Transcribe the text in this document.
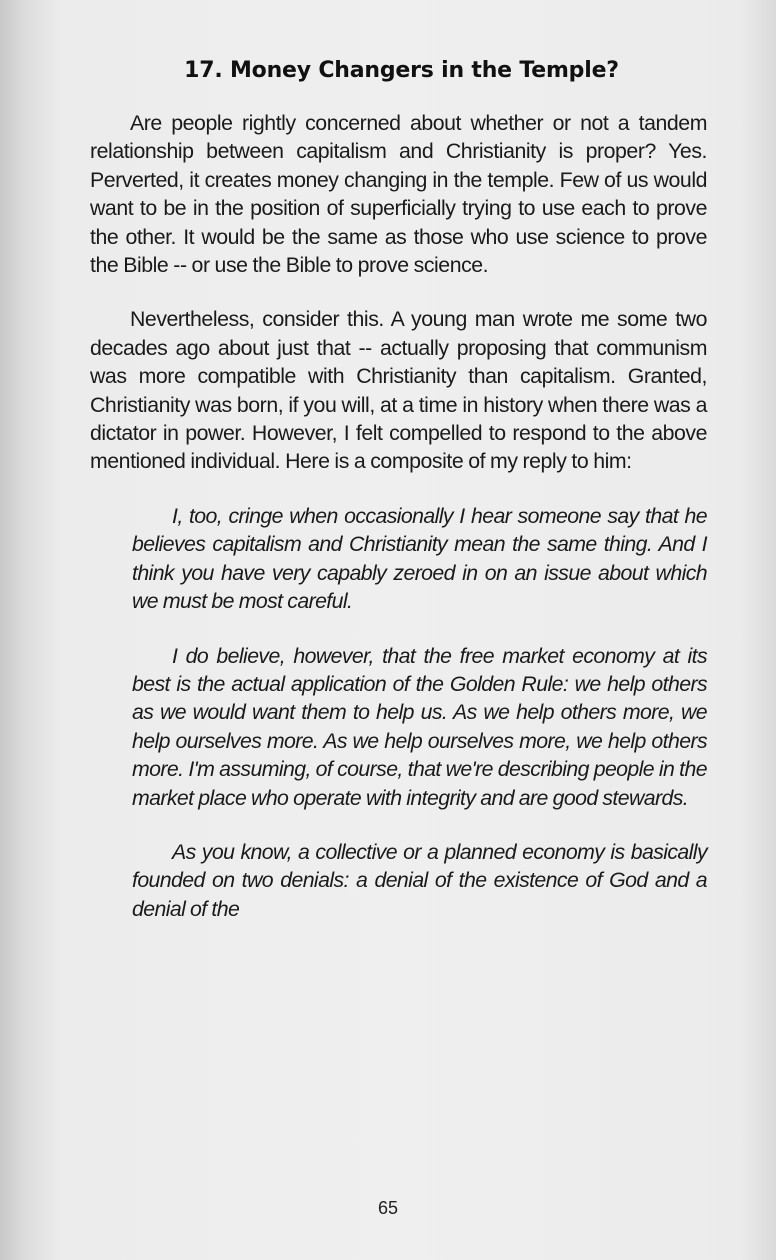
17. Money Changers in the Temple?

Are people rightly concerned about whether or not a tandem relationship between capitalism and Christianity is proper? Yes. Perverted, it creates money changing in the temple. Few of us would want to be in the position of superficially trying to use each to prove the other. It would be the same as those who use science to prove the Bible -- or use the Bible to prove science.

Nevertheless, consider this. A young man wrote me some two decades ago about just that -- actually proposing that communism was more compatible with Christianity than capitalism. Granted, Christianity was born, if you will, at a time in history when there was a dictator in power. However, I felt compelled to respond to the above mentioned individual. Here is a composite of my reply to him:

I, too, cringe when occasionally I hear someone say that he believes capitalism and Christianity mean the same thing. And I think you have very capably zeroed in on an issue about which we must be most careful.

I do believe, however, that the free market economy at its best is the actual application of the Golden Rule: we help others as we would want them to help us. As we help others more, we help ourselves more. As we help ourselves more, we help others more. I'm assuming, of course, that we're describing people in the market place who operate with integrity and are good stewards.

As you know, a collective or a planned economy is basically founded on two denials: a denial of the existence of God and a denial of the

65
